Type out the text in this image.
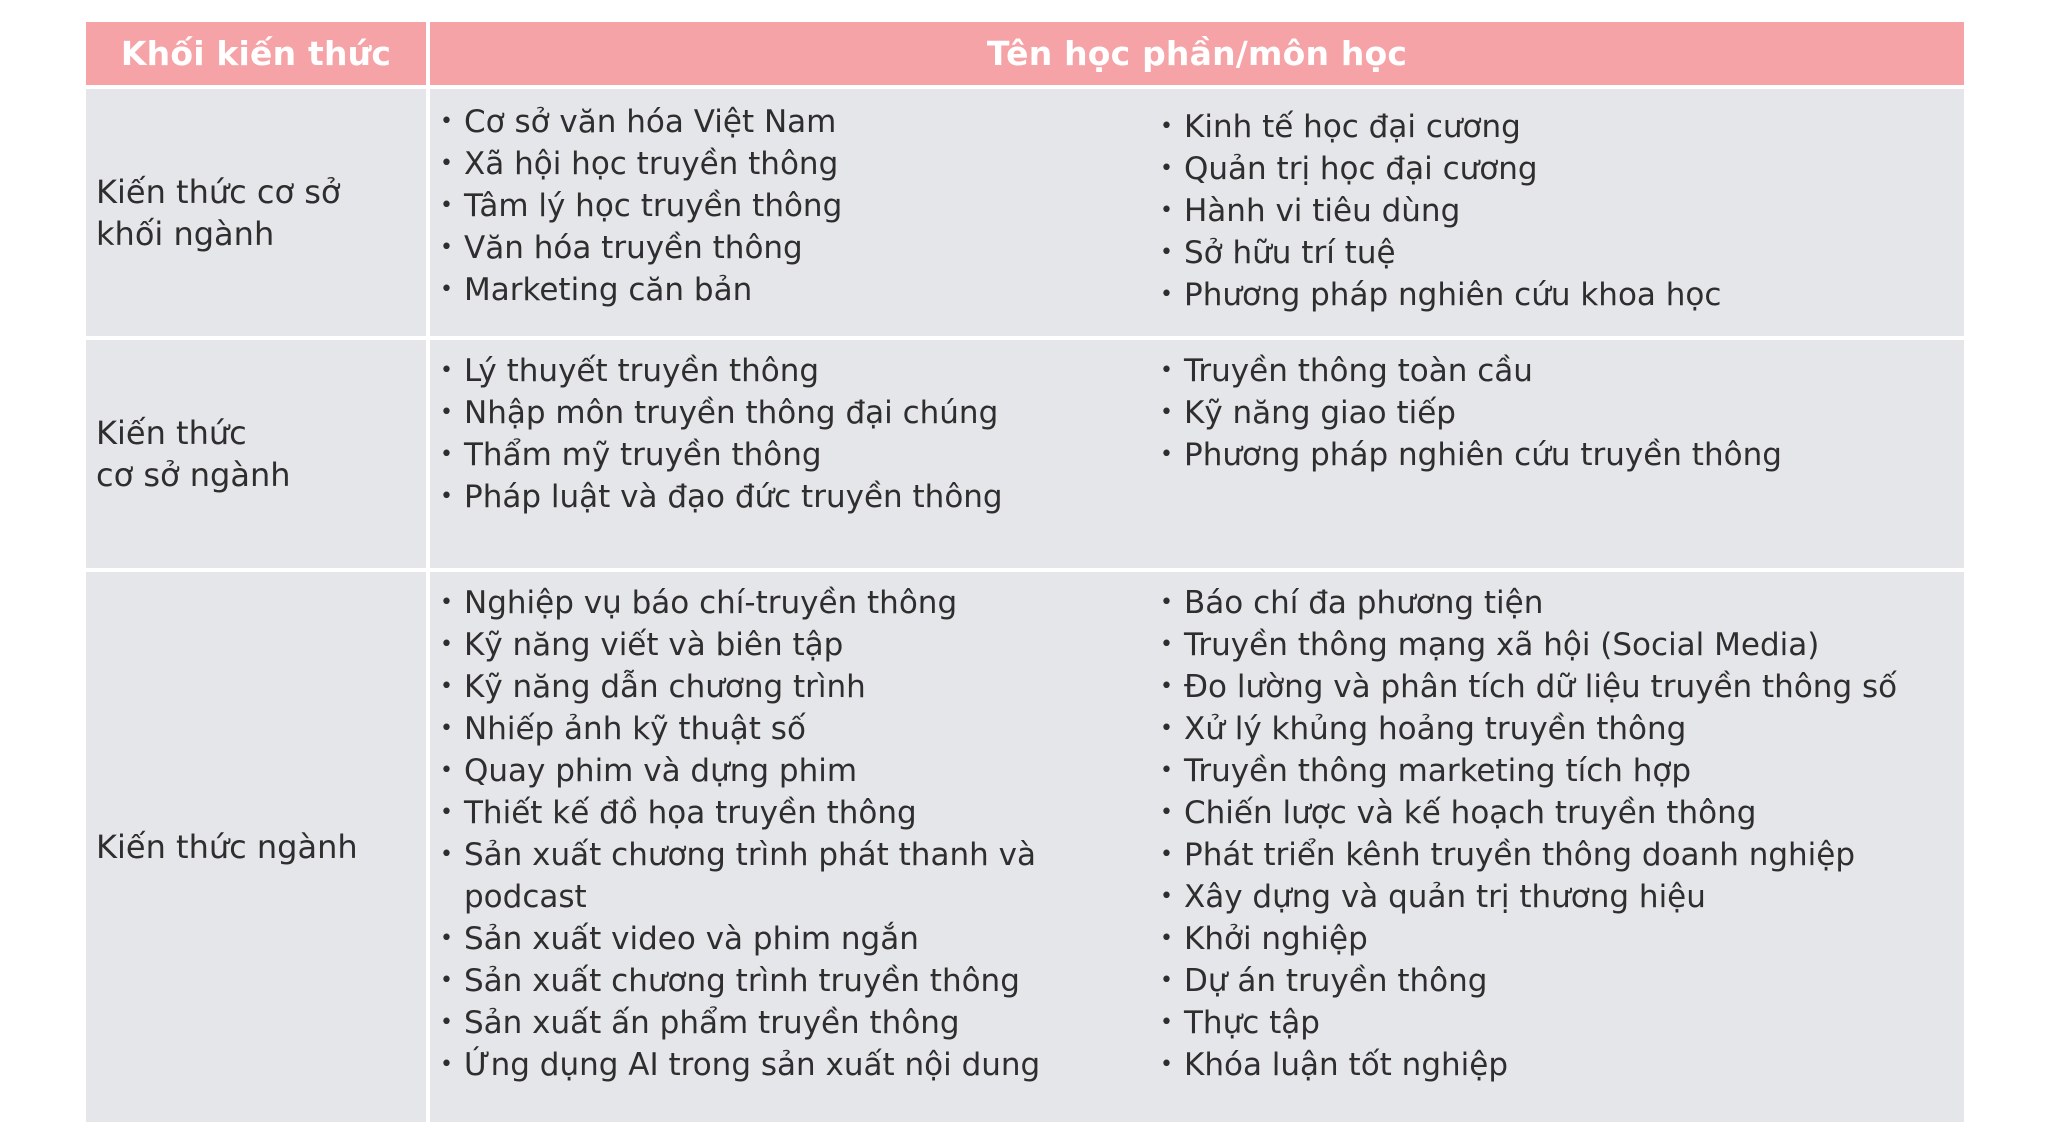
Khối kiến thức	Tên học phần/môn học
Kiến thức cơ sở
khối ngành
• Cơ sở văn hóa Việt Nam
• Xã hội học truyền thông
• Tâm lý học truyền thông
• Văn hóa truyền thông
• Marketing căn bản
• Kinh tế học đại cương
• Quản trị học đại cương
• Hành vi tiêu dùng
• Sở hữu trí tuệ
• Phương pháp nghiên cứu khoa học
Kiến thức
cơ sở ngành
• Lý thuyết truyền thông
• Nhập môn truyền thông đại chúng
• Thẩm mỹ truyền thông
• Pháp luật và đạo đức truyền thông
• Truyền thông toàn cầu
• Kỹ năng giao tiếp
• Phương pháp nghiên cứu truyền thông
Kiến thức ngành
• Nghiệp vụ báo chí-truyền thông
• Kỹ năng viết và biên tập
• Kỹ năng dẫn chương trình
• Nhiếp ảnh kỹ thuật số
• Quay phim và dựng phim
• Thiết kế đồ họa truyền thông
• Sản xuất chương trình phát thanh và podcast
• Sản xuất video và phim ngắn
• Sản xuất chương trình truyền thông
• Sản xuất ấn phẩm truyền thông
• Ứng dụng AI trong sản xuất nội dung
• Báo chí đa phương tiện
• Truyền thông mạng xã hội (Social Media)
• Đo lường và phân tích dữ liệu truyền thông số
• Xử lý khủng hoảng truyền thông
• Truyền thông marketing tích hợp
• Chiến lược và kế hoạch truyền thông
• Phát triển kênh truyền thông doanh nghiệp
• Xây dựng và quản trị thương hiệu
• Khởi nghiệp
• Dự án truyền thông
• Thực tập
• Khóa luận tốt nghiệp
